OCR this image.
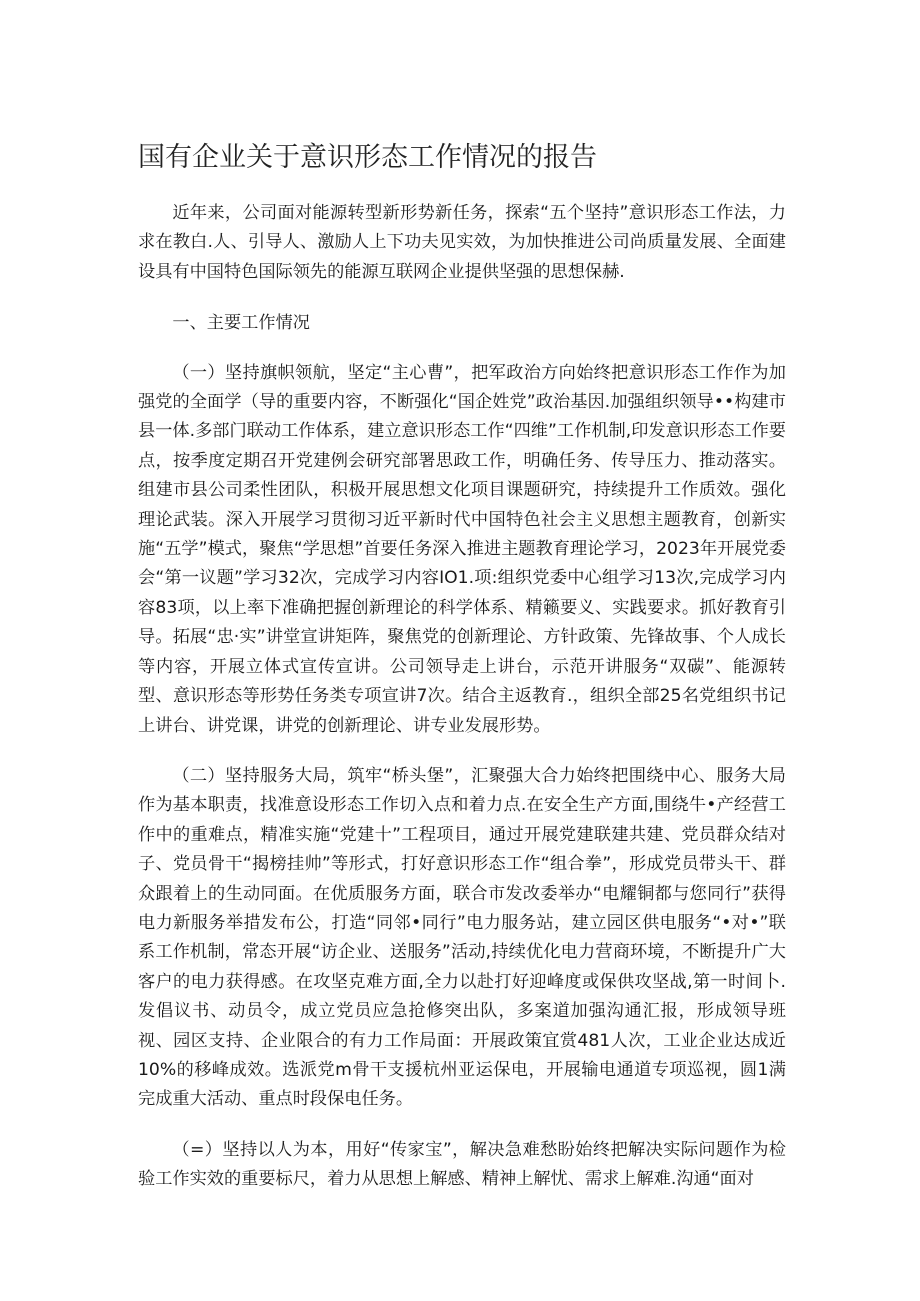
国有企业关于意识形态工作情况的报告

近年来，公司面对能源转型新形势新任务，探索“五个坚持”意识形态工作法，力求在教白.人、引导人、激励人上下功夫见实效，为加快推进公司尚质量发展、全面建设具有中国特色国际领先的能源互联网企业提供坚强的思想保赫.

一、主要工作情况

（一）坚持旗帜领航，坚定“主心曹”，把军政治方向始终把意识形态工作作为加强党的全面学（导的重要内容，不断强化“国企姓党”政治基因.加强组织领导••构建市县一体.多部门联动工作体系，建立意识形态工作“四维”工作机制,印发意识形态工作要点，按季度定期召开党建例会研究部署思政工作，明确任务、传导压力、推动落实。组建市县公司柔性团队，积极开展思想文化项目课题研究，持续提升工作质效。强化理论武装。深入开展学习贯彻习近平新时代中国特色社会主义思想主题教育，创新实施“五学”模式，聚焦“学思想”首要任务深入推进主题教育理论学习，2023年开展党委会“第一议题”学习32次，完成学习内容IO1.项:组织党委中心组学习13次,完成学习内容83项，以上率下准确把握创新理论的科学体系、精籁要义、实践要求。抓好教育引导。拓展“忠·实”讲堂宣讲矩阵，聚焦党的创新理论、方针政策、先锋故事、个人成长等内容，开展立体式宣传宣讲。公司领导走上讲台，示范开讲服务“双碳”、能源转型、意识形态等形势任务类专项宣讲7次。结合主返教育.，组织全部25名党组织书记上讲台、讲党课，讲党的创新理论、讲专业发展形势。

（二）坚持服务大局，筑牢“桥头堡”，汇聚强大合力始终把围绕中心、服务大局作为基本职责，找准意设形态工作切入点和着力点.在安全生产方面,围绕牛•产经营工作中的重难点，精准实施“党建十”工程项目，通过开展党建联建共建、党员群众结对子、党员骨干“揭榜挂帅”等形式，打好意识形态工作“组合拳”，形成党员带头干、群众跟着上的生动同面。在优质服务方面，联合市发改委举办“电耀铜都与您同行”获得电力新服务举措发布公，打造“同邻•同行”电力服务站，建立园区供电服务“•对•”联系工作机制，常态开展“访企业、送服务”活动,持续优化电力营商环境，不断提升广大客户的电力获得感。在攻坚克难方面,全力以赴打好迎峰度或保供攻坚战,第一时间卜.发倡议书、动员令，成立党员应急抢修突出队，多案道加强沟通汇报，形成领导班视、园区支持、企业限合的有力工作局面：开展政策宜赏481人次，工业企业达成近10%的移峰成效。选派党m骨干支援杭州亚运保电，开展输电通道专项巡视，圆1满完成重大活动、重点时段保电任务。

（=）坚持以人为本，用好“传家宝”，解决急难愁盼始终把解决实际问题作为检验工作实效的重要标尺，着力从思想上解感、精神上解忧、需求上解难.沟通“面对
